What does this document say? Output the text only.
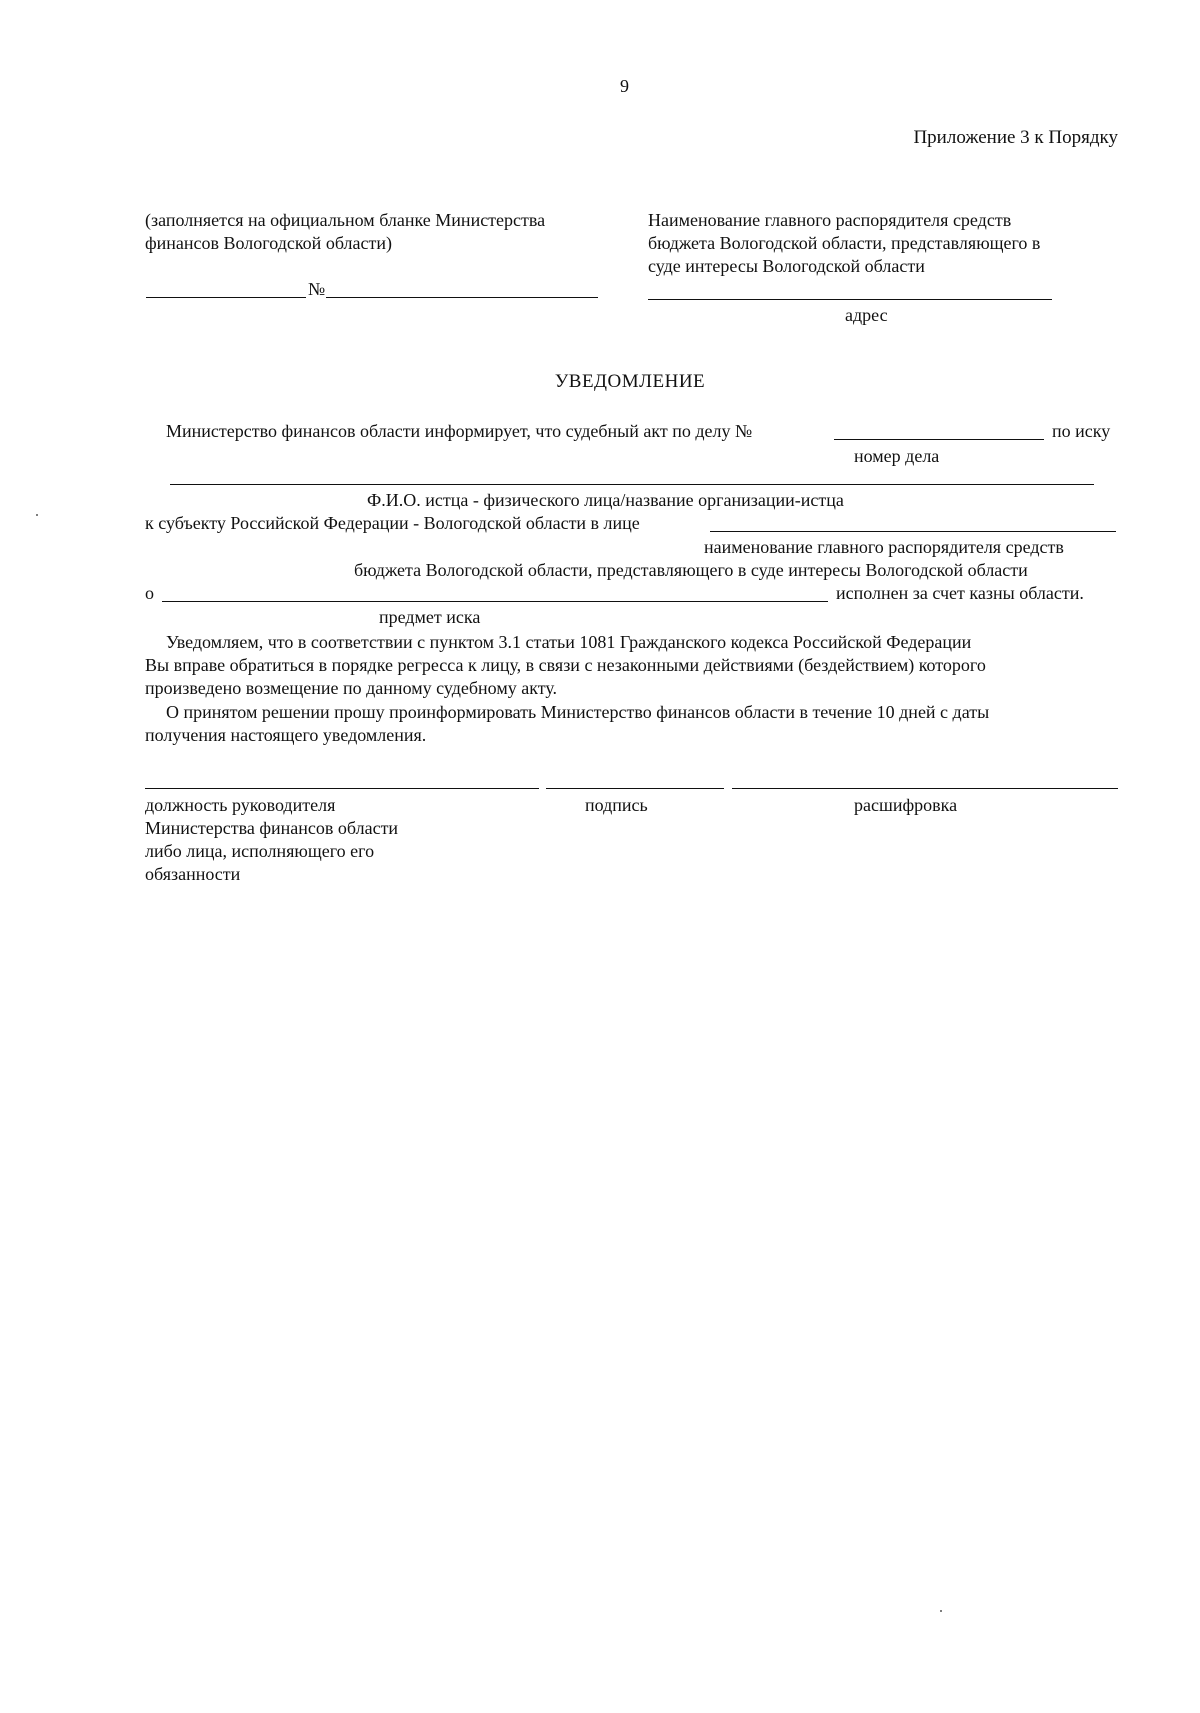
9
Приложение 3 к Порядку
(заполняется на официальном бланке Министерства
финансов Вологодской области)
№
Наименование главного распорядителя средств
бюджета Вологодской области, представляющего в
суде интересы Вологодской области
адрес
УВЕДОМЛЕНИЕ
Министерство финансов области информирует, что судебный акт по делу №	по иску
номер дела
Ф.И.О. истца - физического лица/название организации-истца
к субъекту Российской Федерации - Вологодской области в лице
наименование главного распорядителя средств
бюджета Вологодской области, представляющего в суде интересы Вологодской области
о	исполнен за счет казны области.
предмет иска
Уведомляем, что в соответствии с пунктом 3.1 статьи 1081 Гражданского кодекса Российской Федерации
Вы вправе обратиться в порядке регресса к лицу, в связи с незаконными действиями (бездействием) которого
произведено возмещение по данному судебному акту.
О принятом решении прошу проинформировать Министерство финансов области в течение 10 дней с даты
получения настоящего уведомления.
должность руководителя
Министерства финансов области
либо лица, исполняющего его
обязанности
подпись	расшифровка
